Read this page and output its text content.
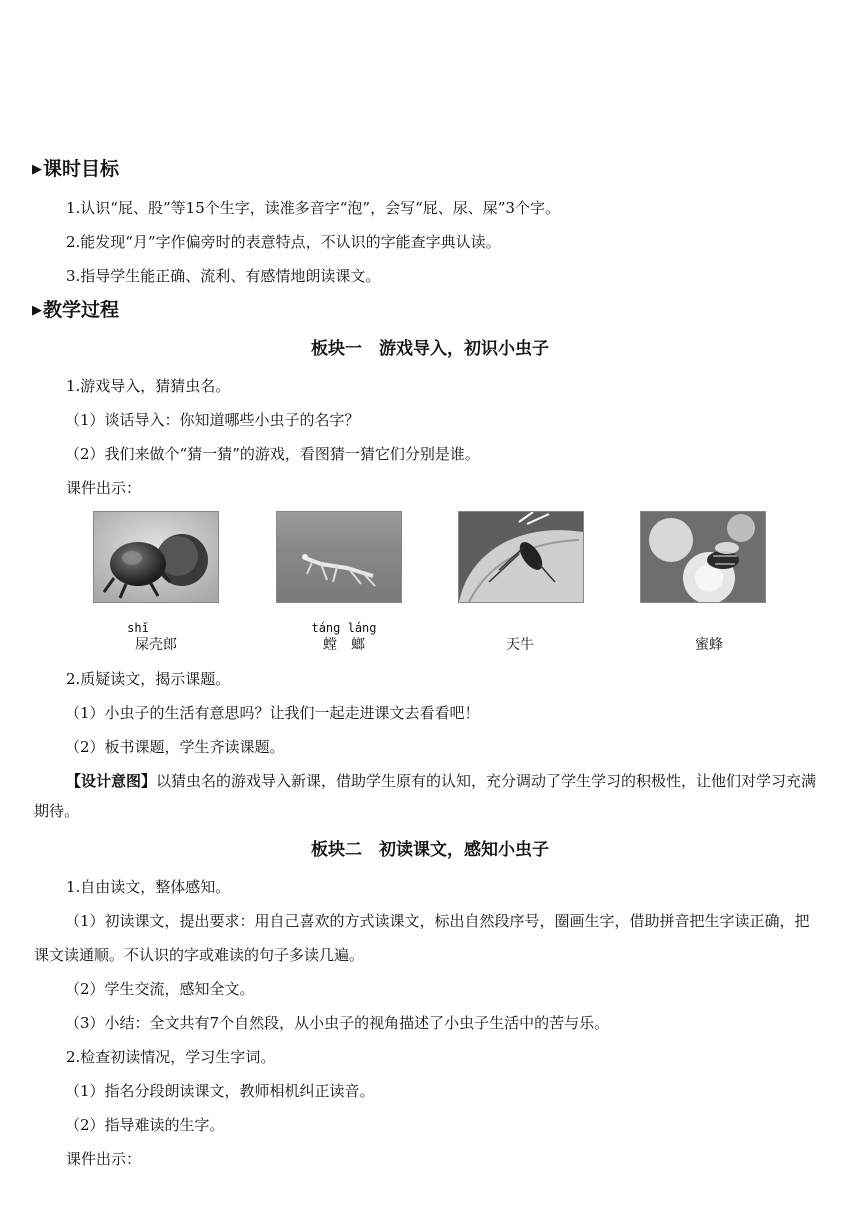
▶课时目标

1.认识“屁、股”等15个生字，读准多音字“泡”，会写“屁、尿、屎”3个字。

2.能发现“月”字作偏旁时的表意特点，不认识的字能查字典认读。

3.指导学生能正确、流利、有感情地朗读课文。

▶教学过程
板块一　游戏导入，初识小虫子

1.游戏导入，猜猜虫名。

（1）谈话导入：你知道哪些小虫子的名字？

（2）我们来做个“猜一猜”的游戏，看图猜一猜它们分别是谁。

课件出示：

shǐ
屎壳郎
táng láng
螳　螂	天牛	蜜蜂

2.质疑读文，揭示课题。

（1）小虫子的生活有意思吗？让我们一起走进课文去看看吧！

（2）板书课题，学生齐读课题。

【设计意图】以猜虫名的游戏导入新课，借助学生原有的认知，充分调动了学生学习的积极性，让他们对学习充满期待。

板块二　初读课文，感知小虫子

1.自由读文，整体感知。

（1）初读课文，提出要求：用自己喜欢的方式读课文，标出自然段序号，圈画生字，借助拼音把生字读正确，把课文读通顺。不认识的字或难读的句子多读几遍。

（2）学生交流，感知全文。

（3）小结：全文共有7个自然段，从小虫子的视角描述了小虫子生活中的苦与乐。

2.检查初读情况，学习生字词。

（1）指名分段朗读课文，教师相机纠正读音。

（2）指导难读的生字。

课件出示：
